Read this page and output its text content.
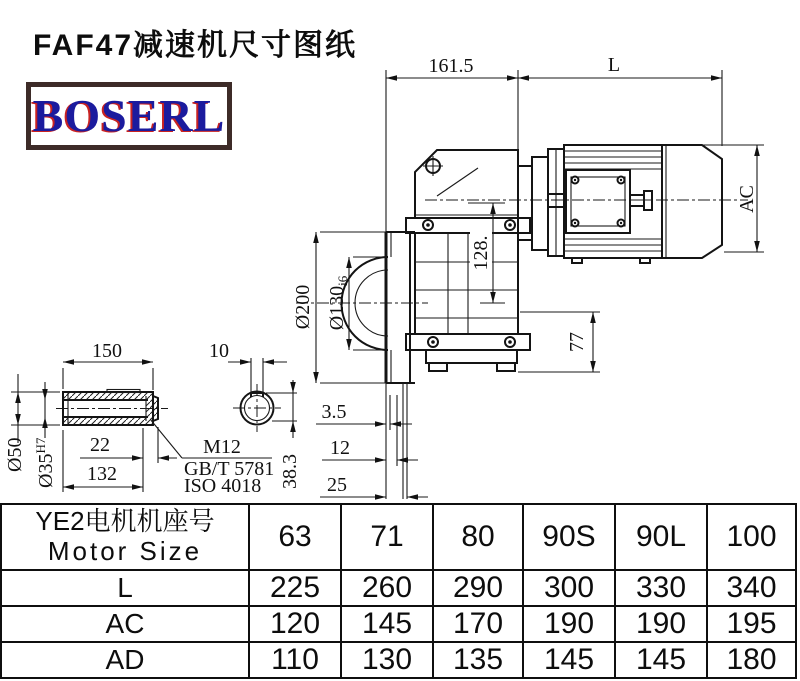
FAF47减速机尺寸图纸
BOSERL
161.5	L
AC
Ø200 $Ø130_{i6}$
128.
77
3.5
12
25
150
Ø50 $Ø35^{H7}$	22
132
M12
GB/T 5781
ISO 4018
10
38.3
YE2电机机座号
Motor Size	63	71	80	90S	90L	100
L	225	260	290	300	330	340
AC	120	145	170	190	190	195
AD	110	130	135	145	145	180
